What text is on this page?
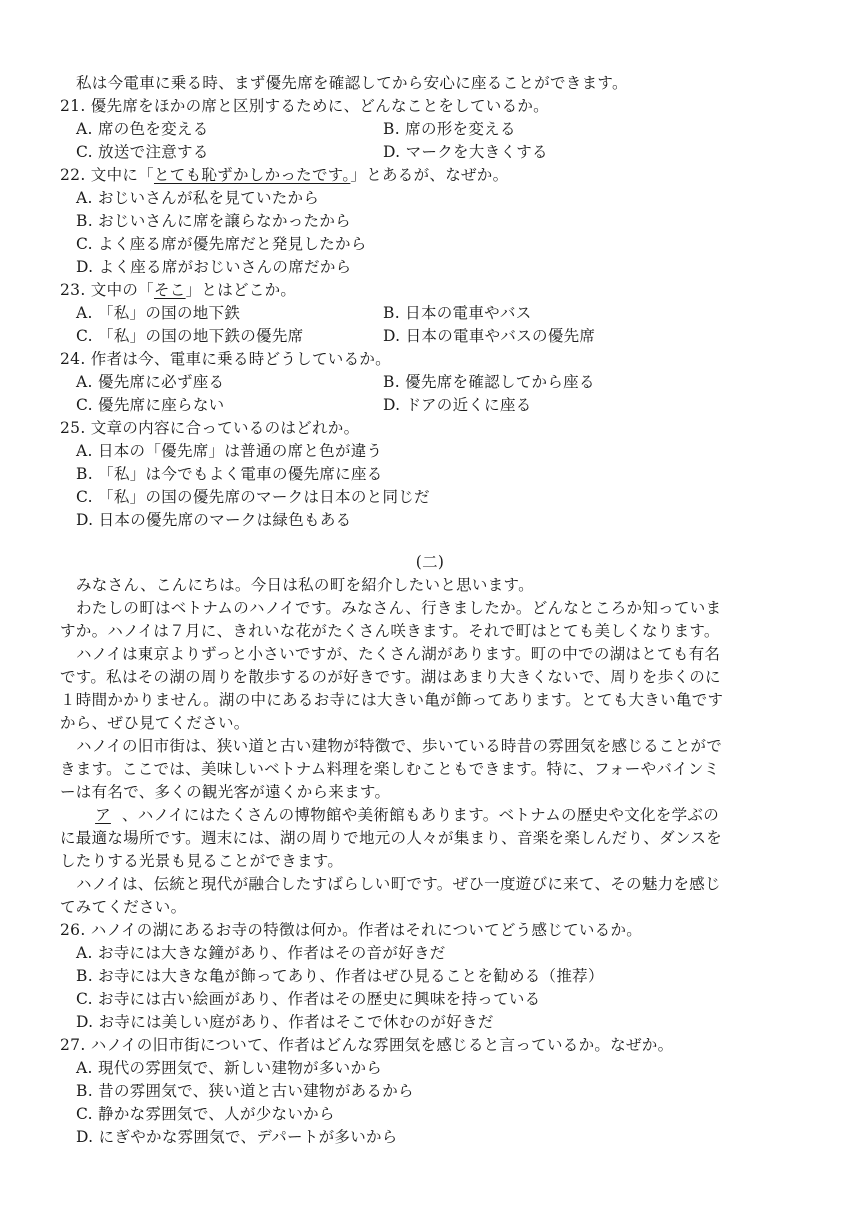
私は今電車に乗る時、まず優先席を確認してから安心に座ることができます。
21. 優先席をほかの席と区別するために、どんなことをしているか。
A. 席の色を変える	B. 席の形を変える
C. 放送で注意する	D. マークを大きくする
22. 文中に「とても恥ずかしかったです。」とあるが、なぜか。
A. おじいさんが私を見ていたから
B. おじいさんに席を譲らなかったから
C. よく座る席が優先席だと発見したから
D. よく座る席がおじいさんの席だから
23. 文中の「そこ」とはどこか。
A. 「私」の国の地下鉄	B. 日本の電車やバス
C. 「私」の国の地下鉄の優先席	D. 日本の電車やバスの優先席
24. 作者は今、電車に乗る時どうしているか。
A. 優先席に必ず座る	B. 優先席を確認してから座る
C. 優先席に座らない	D. ドアの近くに座る
25. 文章の内容に合っているのはどれか。
A. 日本の「優先席」は普通の席と色が違う
B. 「私」は今でもよく電車の優先席に座る
C. 「私」の国の優先席のマークは日本のと同じだ
D. 日本の優先席のマークは緑色もある
(二)
みなさん、こんにちは。今日は私の町を紹介したいと思います。
わたしの町はベトナムのハノイです。みなさん、行きましたか。どんなところか知っていま
すか。ハノイは７月に、きれいな花がたくさん咲きます。それで町はとても美しくなります。
ハノイは東京よりずっと小さいですが、たくさん湖があります。町の中での湖はとても有名
です。私はその湖の周りを散歩するのが好きです。湖はあまり大きくないで、周りを歩くのに
１時間かかりません。湖の中にあるお寺には大きい亀が飾ってあります。とても大きい亀です
から、ぜひ見てください。
ハノイの旧市街は、狭い道と古い建物が特徴で、歩いている時昔の雰囲気を感じることがで
きます。ここでは、美味しいベトナム料理を楽しむこともできます。特に、フォーやバインミ
ーは有名で、多くの観光客が遠くから来ます。
ア 、ハノイにはたくさんの博物館や美術館もあります。ベトナムの歴史や文化を学ぶの
に最適な場所です。週末には、湖の周りで地元の人々が集まり、音楽を楽しんだり、ダンスを
したりする光景も見ることができます。
ハノイは、伝統と現代が融合したすばらしい町です。ぜひ一度遊びに来て、その魅力を感じ
てみてください。
26. ハノイの湖にあるお寺の特徴は何か。作者はそれについてどう感じているか。
A. お寺には大きな鐘があり、作者はその音が好きだ
B. お寺には大きな亀が飾ってあり、作者はぜひ見ることを勧める（推荐）
C. お寺には古い絵画があり、作者はその歴史に興味を持っている
D. お寺には美しい庭があり、作者はそこで休むのが好きだ
27. ハノイの旧市街について、作者はどんな雰囲気を感じると言っているか。なぜか。
A. 現代の雰囲気で、新しい建物が多いから
B. 昔の雰囲気で、狭い道と古い建物があるから
C. 静かな雰囲気で、人が少ないから
D. にぎやかな雰囲気で、デパートが多いから
